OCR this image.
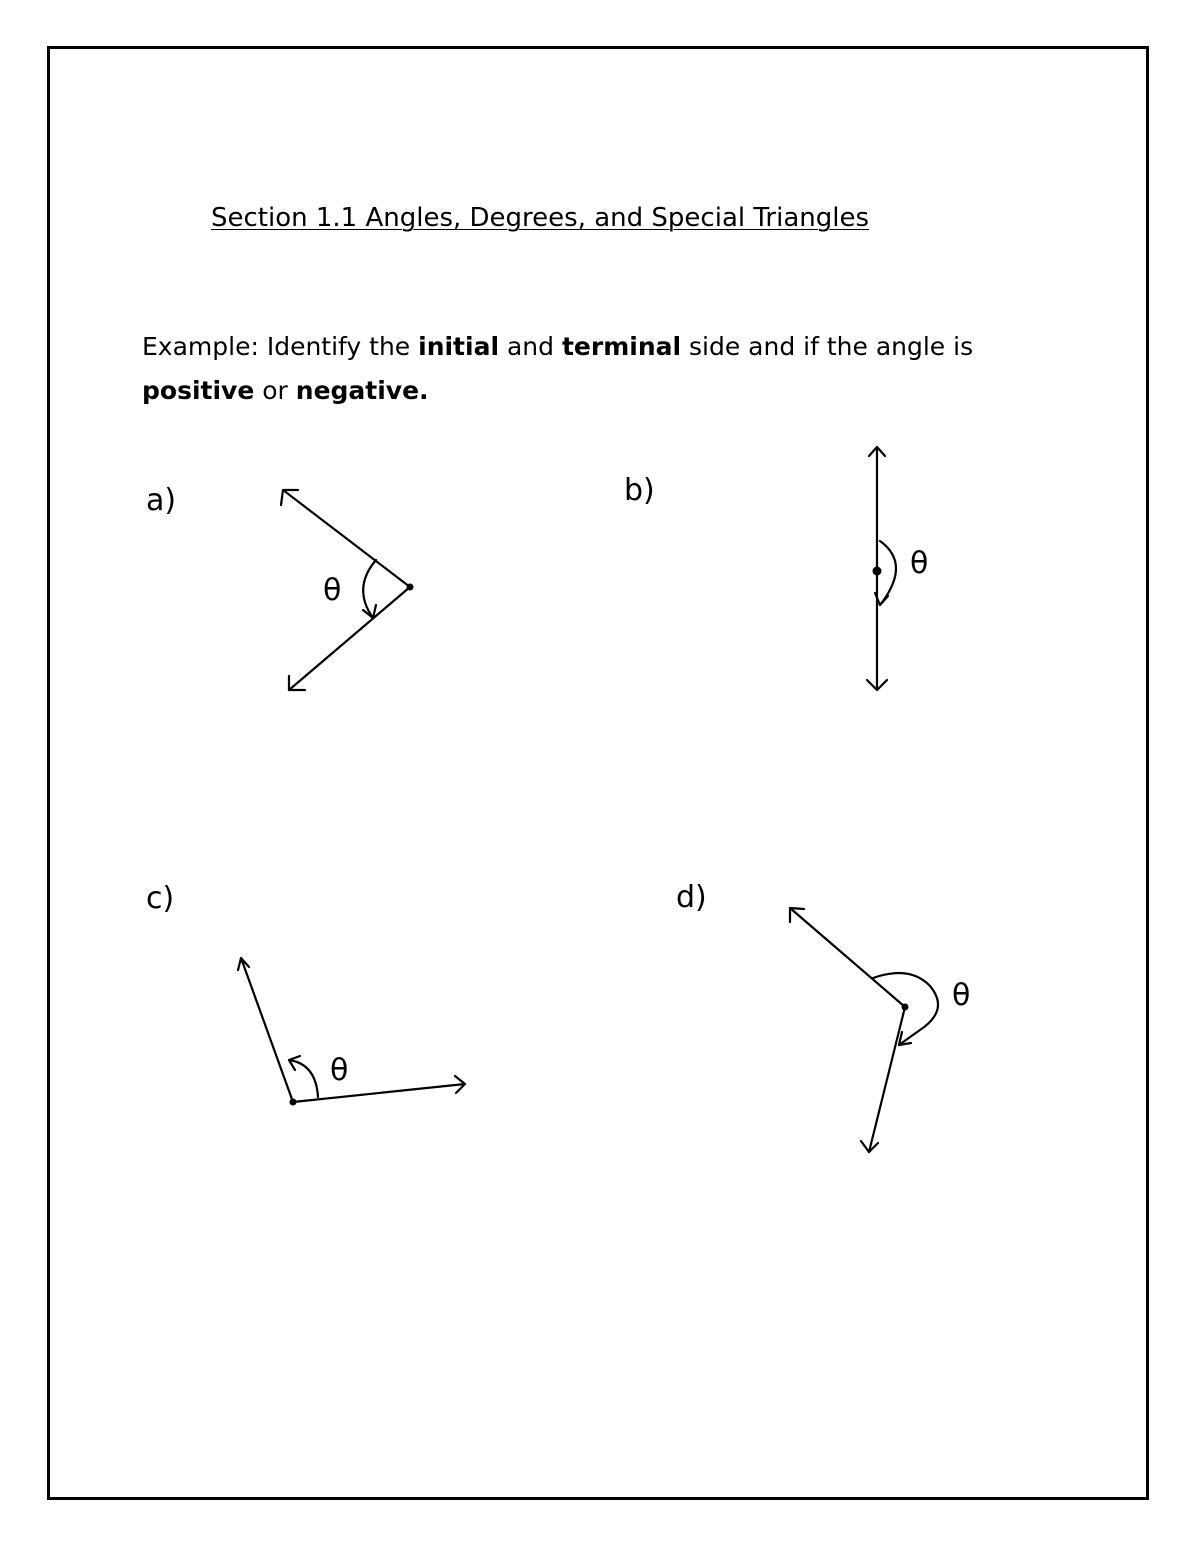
Section 1.1 Angles, Degrees, and Special Triangles
Example: Identify the initial and terminal side and if the angle is positive or negative.
a)
θ
b)
θ
c)
θ
d)
θ
